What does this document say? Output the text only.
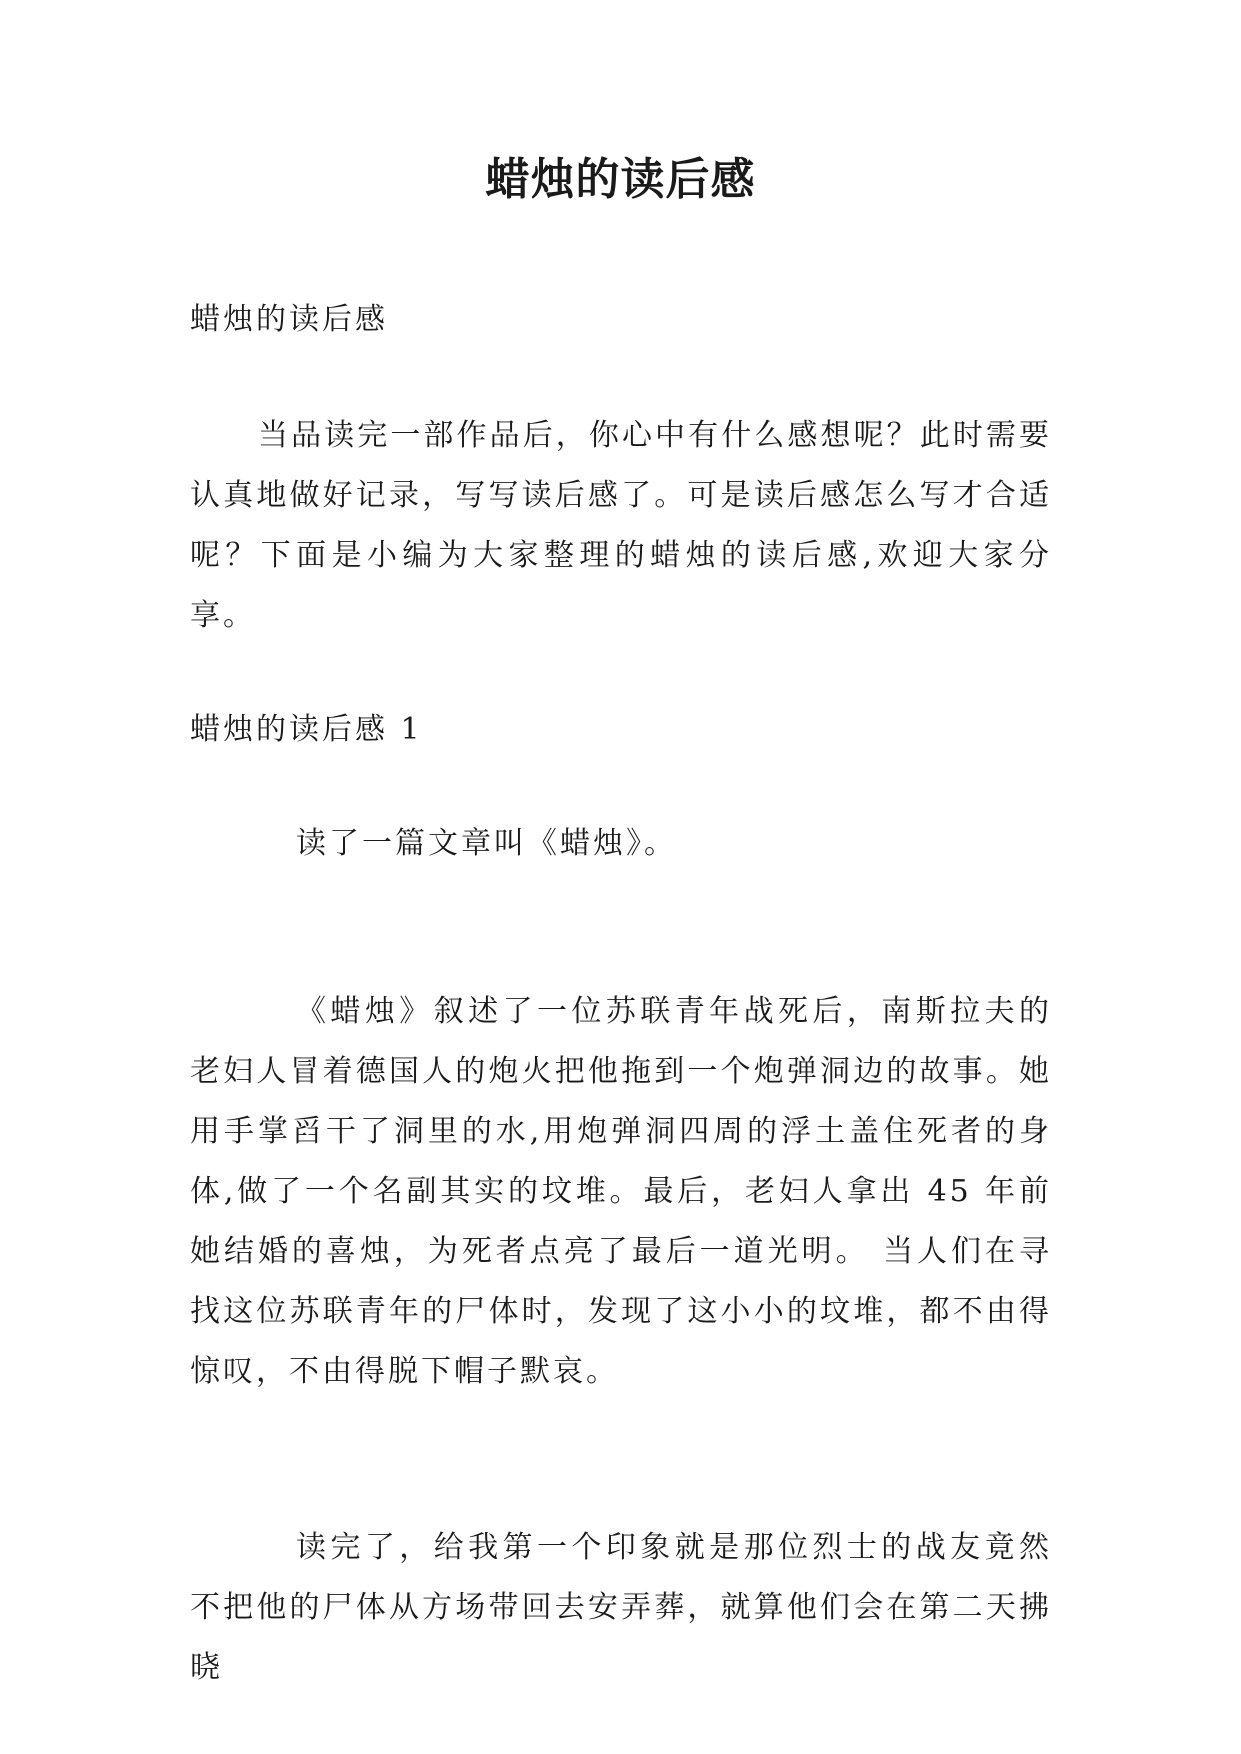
蜡烛的读后感

蜡烛的读后感

当品读完一部作品后，你心中有什么感想呢？此时需要认真地做好记录，写写读后感了。可是读后感怎么写才合适呢？下面是小编为大家整理的蜡烛的读后感,欢迎大家分享。

蜡烛的读后感 1

读了一篇文章叫《蜡烛》。

《蜡烛》叙述了一位苏联青年战死后，南斯拉夫的老妇人冒着德国人的炮火把他拖到一个炮弹洞边的故事。她用手掌舀干了洞里的水,用炮弹洞四周的浮土盖住死者的身体,做了一个名副其实的坟堆。最后，老妇人拿出 45 年前她结婚的喜烛，为死者点亮了最后一道光明。 当人们在寻找这位苏联青年的尸体时，发现了这小小的坟堆，都不由得惊叹，不由得脱下帽子默哀。

读完了，给我第一个印象就是那位烈士的战友竟然不把他的尸体从方场带回去安弄葬，就算他们会在第二天拂晓
